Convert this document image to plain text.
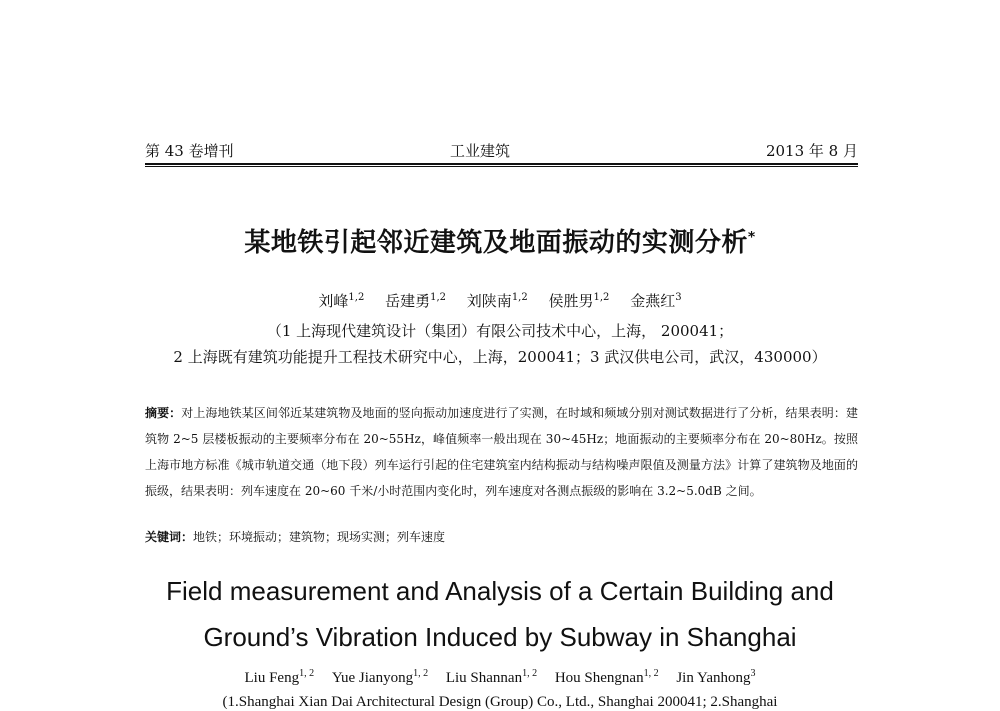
第 43 卷增刊	工业建筑	2013 年 8 月
某地铁引起邻近建筑及地面振动的实测分析*
刘峰$^{1,2}$ 岳建勇$^{1,2}$ 刘陕南$^{1,2}$ 侯胜男$^{1,2}$ 金燕红$^3$
（1 上海现代建筑设计（集团）有限公司技术中心，上海， 200041；
2 上海既有建筑功能提升工程技术研究中心，上海，200041；3 武汉供电公司，武汉，430000）
摘要：对上海地铁某区间邻近某建筑物及地面的竖向振动加速度进行了实测，在时域和频域分别对测试数据进行了分析，结果表明：建筑物 2~5 层楼板振动的主要频率分布在 20~55Hz，峰值频率一般出现在 30~45Hz；地面振动的主要频率分布在 20~80Hz。按照上海市地方标准《城市轨道交通（地下段）列车运行引起的住宅建筑室内结构振动与结构噪声限值及测量方法》计算了建筑物及地面的振级，结果表明：列车速度在 20~60 千米/小时范围内变化时，列车速度对各测点振级的影响在 3.2~5.0dB 之间。
关键词：地铁；环境振动；建筑物；现场实测；列车速度
Field measurement and Analysis of a Certain Building and
Ground’s Vibration Induced by Subway in Shanghai
Liu Feng$^{1, 2}$ Yue Jianyong$^{1, 2}$ Liu Shannan$^{1, 2}$ Hou Shengnan$^{1, 2}$ Jin Yanhong$^3$
(1.Shanghai Xian Dai Architectural Design (Group) Co., Ltd., Shanghai 200041; 2.Shanghai
